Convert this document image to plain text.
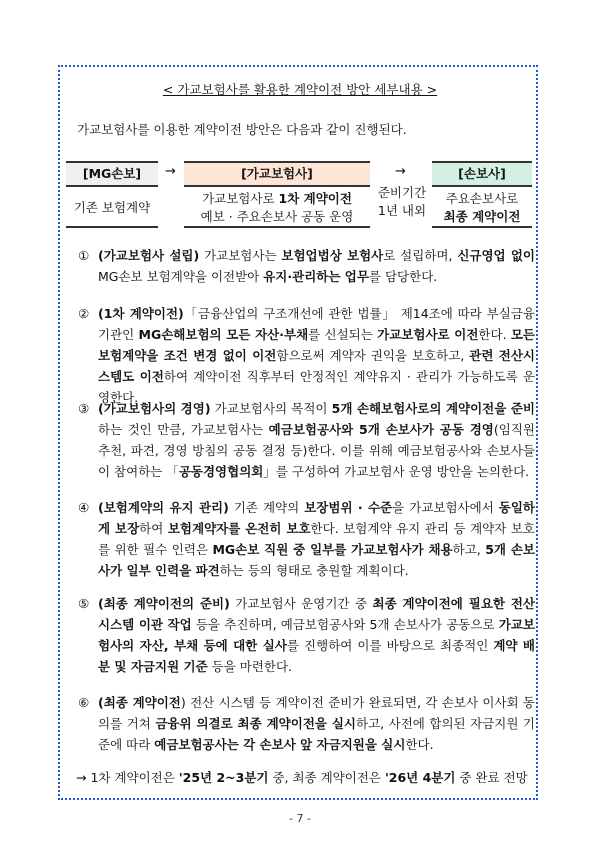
< 가교보험사를 활용한 계약이전 방안 세부내용 >
가교보험사를 이용한 계약이전 방안은 다음과 같이 진행된다.
[MG손보]
기존 보험계약
→	[가교보험사]
가교보험사로 1차 계약이전
예보 · 주요손보사 공동 운영
→
준비기간
1년 내외
[손보사]
주요손보사로
최종 계약이전
① (가교보험사 설립) 가교보험사는 보험업법상 보험사로 설립하며, 신규영업 없이 MG손보 보험계약을 이전받아 유지·관리하는 업무를 담당한다.
② (1차 계약이전)「금융산업의 구조개선에 관한 법률」 제14조에 따라 부실금융기관인 MG손해보험의 모든 자산·부채를 신설되는 가교보험사로 이전한다. 모든 보험계약을 조건 변경 없이 이전함으로써 계약자 권익을 보호하고, 관련 전산시스템도 이전하여 계약이전 직후부터 안정적인 계약유지 · 관리가 가능하도록 운영한다.
③ (가교보험사의 경영) 가교보험사의 목적이 5개 손해보험사로의 계약이전을 준비하는 것인 만큼, 가교보험사는 예금보험공사와 5개 손보사가 공동 경영(임직원 추천, 파견, 경영 방침의 공동 결정 등)한다. 이를 위해 예금보험공사와 손보사들이 참여하는 「공동경영협의회」를 구성하여 가교보험사 운영 방안을 논의한다.
④ (보험계약의 유지 관리) 기존 계약의 보장범위 · 수준을 가교보험사에서 동일하게 보장하여 보험계약자를 온전히 보호한다. 보험계약 유지 관리 등 계약자 보호를 위한 필수 인력은 MG손보 직원 중 일부를 가교보험사가 채용하고, 5개 손보사가 일부 인력을 파견하는 등의 형태로 충원할 계획이다.
⑤ (최종 계약이전의 준비) 가교보험사 운영기간 중 최종 계약이전에 필요한 전산 시스템 이관 작업 등을 추진하며, 예금보험공사와 5개 손보사가 공동으로 가교보험사의 자산, 부채 등에 대한 실사를 진행하여 이를 바탕으로 최종적인 계약 배분 및 자금지원 기준 등을 마련한다.
⑥ (최종 계약이전) 전산 시스템 등 계약이전 준비가 완료되면, 각 손보사 이사회 동의를 거쳐 금융위 의결로 최종 계약이전을 실시하고, 사전에 합의된 자금지원 기준에 따라 예금보험공사는 각 손보사 앞 자금지원을 실시한다.
→ 1차 계약이전은 '25년 2~3분기 중, 최종 계약이전은 '26년 4분기 중 완료 전망
- 7 -
